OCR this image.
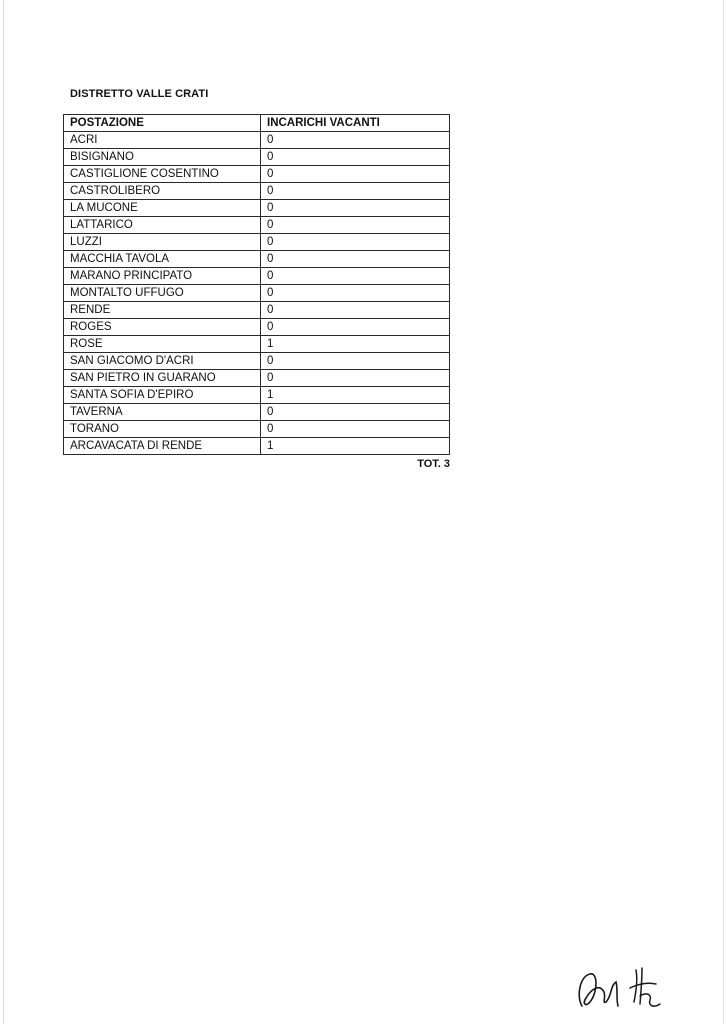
DISTRETTO VALLE CRATI
POSTAZIONE	INCARICHI VACANTI
ACRI	0
BISIGNANO	0
CASTIGLIONE COSENTINO	0
CASTROLIBERO	0
LA MUCONE	0
LATTARICO	0
LUZZI	0
MACCHIA TAVOLA	0
MARANO PRINCIPATO	0
MONTALTO UFFUGO	0
RENDE	0
ROGES	0
ROSE	1
SAN GIACOMO D'ACRI	0
SAN PIETRO IN GUARANO	0
SANTA SOFIA D'EPIRO	1
TAVERNA	0
TORANO	0
ARCAVACATA DI RENDE	1
TOT. 3
